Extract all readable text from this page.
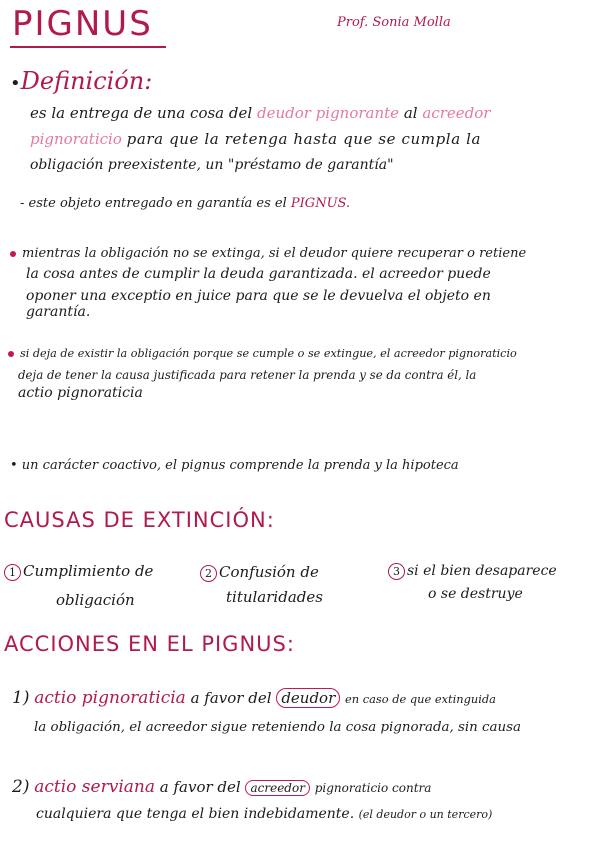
PIGNUS	Prof. Sonia Molla
•Definición:
es la entrega de una cosa del deudor pignorante al acreedor
pignoraticio para que la retenga hasta que se cumpla la
obligación preexistente, un "préstamo de garantía"
- este objeto entregado en garantía es el PIGNUS.
mientras la obligación no se extinga, si el deudor quiere recuperar o retiene
la cosa antes de cumplir la deuda garantizada. el acreedor puede
oponer una exceptio en juice para que se le devuelva el objeto en
garantía.
si deja de existir la obligación porque se cumple o se extingue, el acreedor pignoraticio
deja de tener la causa justificada para retener la prenda y se da contra él, la
actio pignoraticia
• un carácter coactivo, el pignus comprende la prenda y la hipoteca
CAUSAS DE EXTINCIÓN:
1 Cumplimiento de
obligación
2 Confusión de
titularidades
3 si el bien desaparece
o se destruye
ACCIONES EN EL PIGNUS:
1) actio pignoraticia a favor del deudor en caso de que extinguida
la obligación, el acreedor sigue reteniendo la cosa pignorada, sin causa
2) actio serviana a favor del acreedor pignoraticio contra
cualquiera que tenga el bien indebidamente. (el deudor o un tercero)
